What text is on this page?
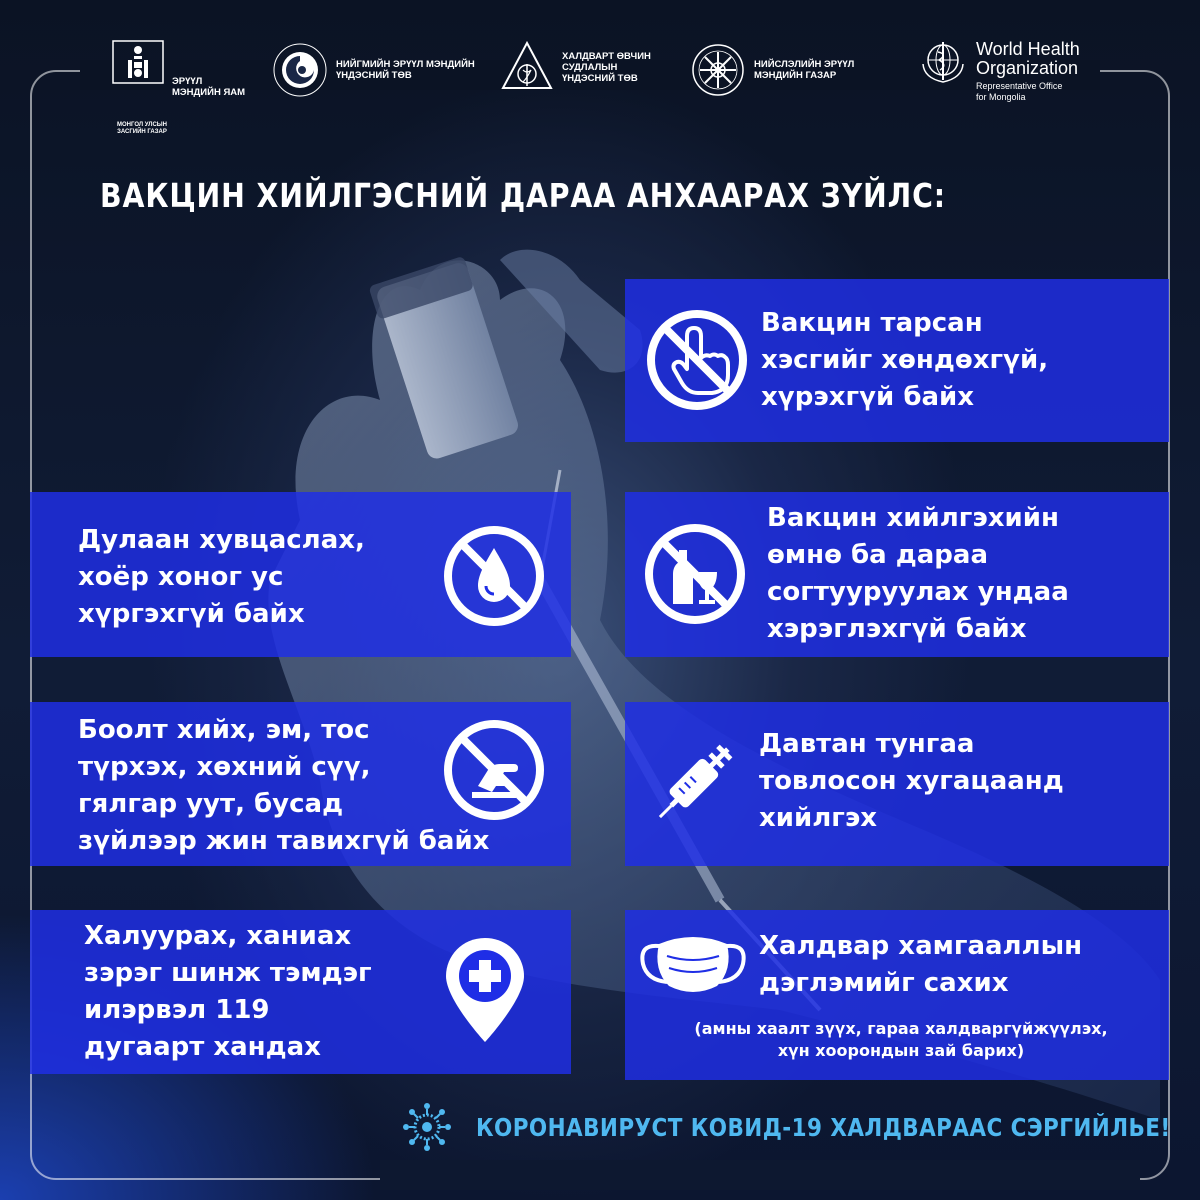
МОНГОЛ УЛСЫН ЗАСГИЙН ГАЗАР
ЭРҮҮЛ
МЭНДИЙН ЯАМ
НИЙГМИЙН ЭРҮҮЛ МЭНДИЙН
ҮНДЭСНИЙ ТӨВ
ХАЛДВАРТ ӨВЧИН
СУДЛАЛЫН
ҮНДЭСНИЙ ТӨВ
НИЙСЛЭЛИЙН ЭРҮҮЛ
МЭНДИЙН ГАЗАР
World Health
Organization
Representative Office
for Mongolia
ВАКЦИН ХИЙЛГЭСНИЙ ДАРАА АНХААРАХ ЗҮЙЛС:
Вакцин тарсан
хэсгийг хөндөхгүй,
хүрэхгүй байх
Дулаан хувцаслах,
хоёр хоног ус
хүргэхгүй байх
Вакцин хийлгэхийн
өмнө ба дараа
согтууруулах ундаа
хэрэглэхгүй байх
Боолт хийх, эм, тос
түрхэх, хөхний сүү,
гялгар уут, бусад
зүйлээр жин тавихгүй байх
Давтан тунгаа
товлосон хугацаанд
хийлгэх
Халуурах, ханиах
зэрэг шинж тэмдэг
илэрвэл 119
дугаарт хандах
Халдвар хамгааллын
дэглэмийг сахих
(амны хаалт зүүх, гараа халдваргүйжүүлэх,
хүн хоорондын зай барих)
КОРОНАВИРУСТ КОВИД-19 ХАЛДВАРААС СЭРГИЙЛЬЕ!
